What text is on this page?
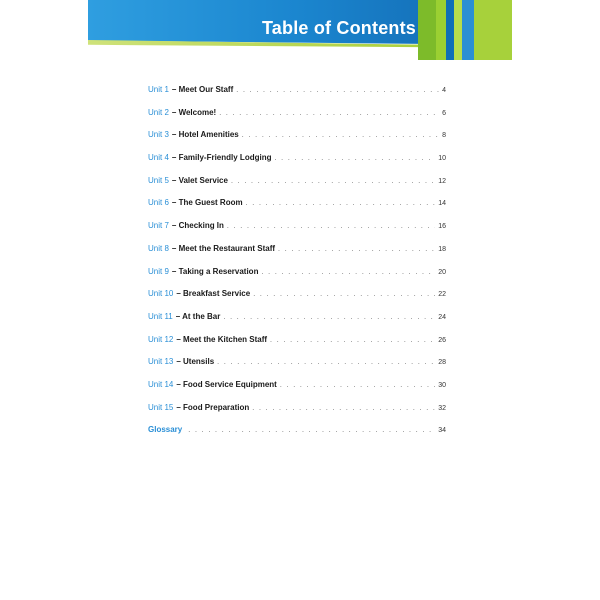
Table of Contents
Unit 1 – Meet Our Staff . . .	4
Unit 2 – Welcome! . . .	6
Unit 3 – Hotel Amenities . . .	8
Unit 4 – Family-Friendly Lodging . . .	10
Unit 5 – Valet Service . . .	12
Unit 6 – The Guest Room . . .	14
Unit 7 – Checking In . . .	16
Unit 8 – Meet the Restaurant Staff . . .	18
Unit 9 – Taking a Reservation . . .	20
Unit 10 – Breakfast Service . . .	22
Unit 11 – At the Bar . . .	24
Unit 12 – Meet the Kitchen Staff . . .	26
Unit 13 – Utensils . . .	28
Unit 14 – Food Service Equipment . . .	30
Unit 15 – Food Preparation . . .	32
Glossary . . .	34
